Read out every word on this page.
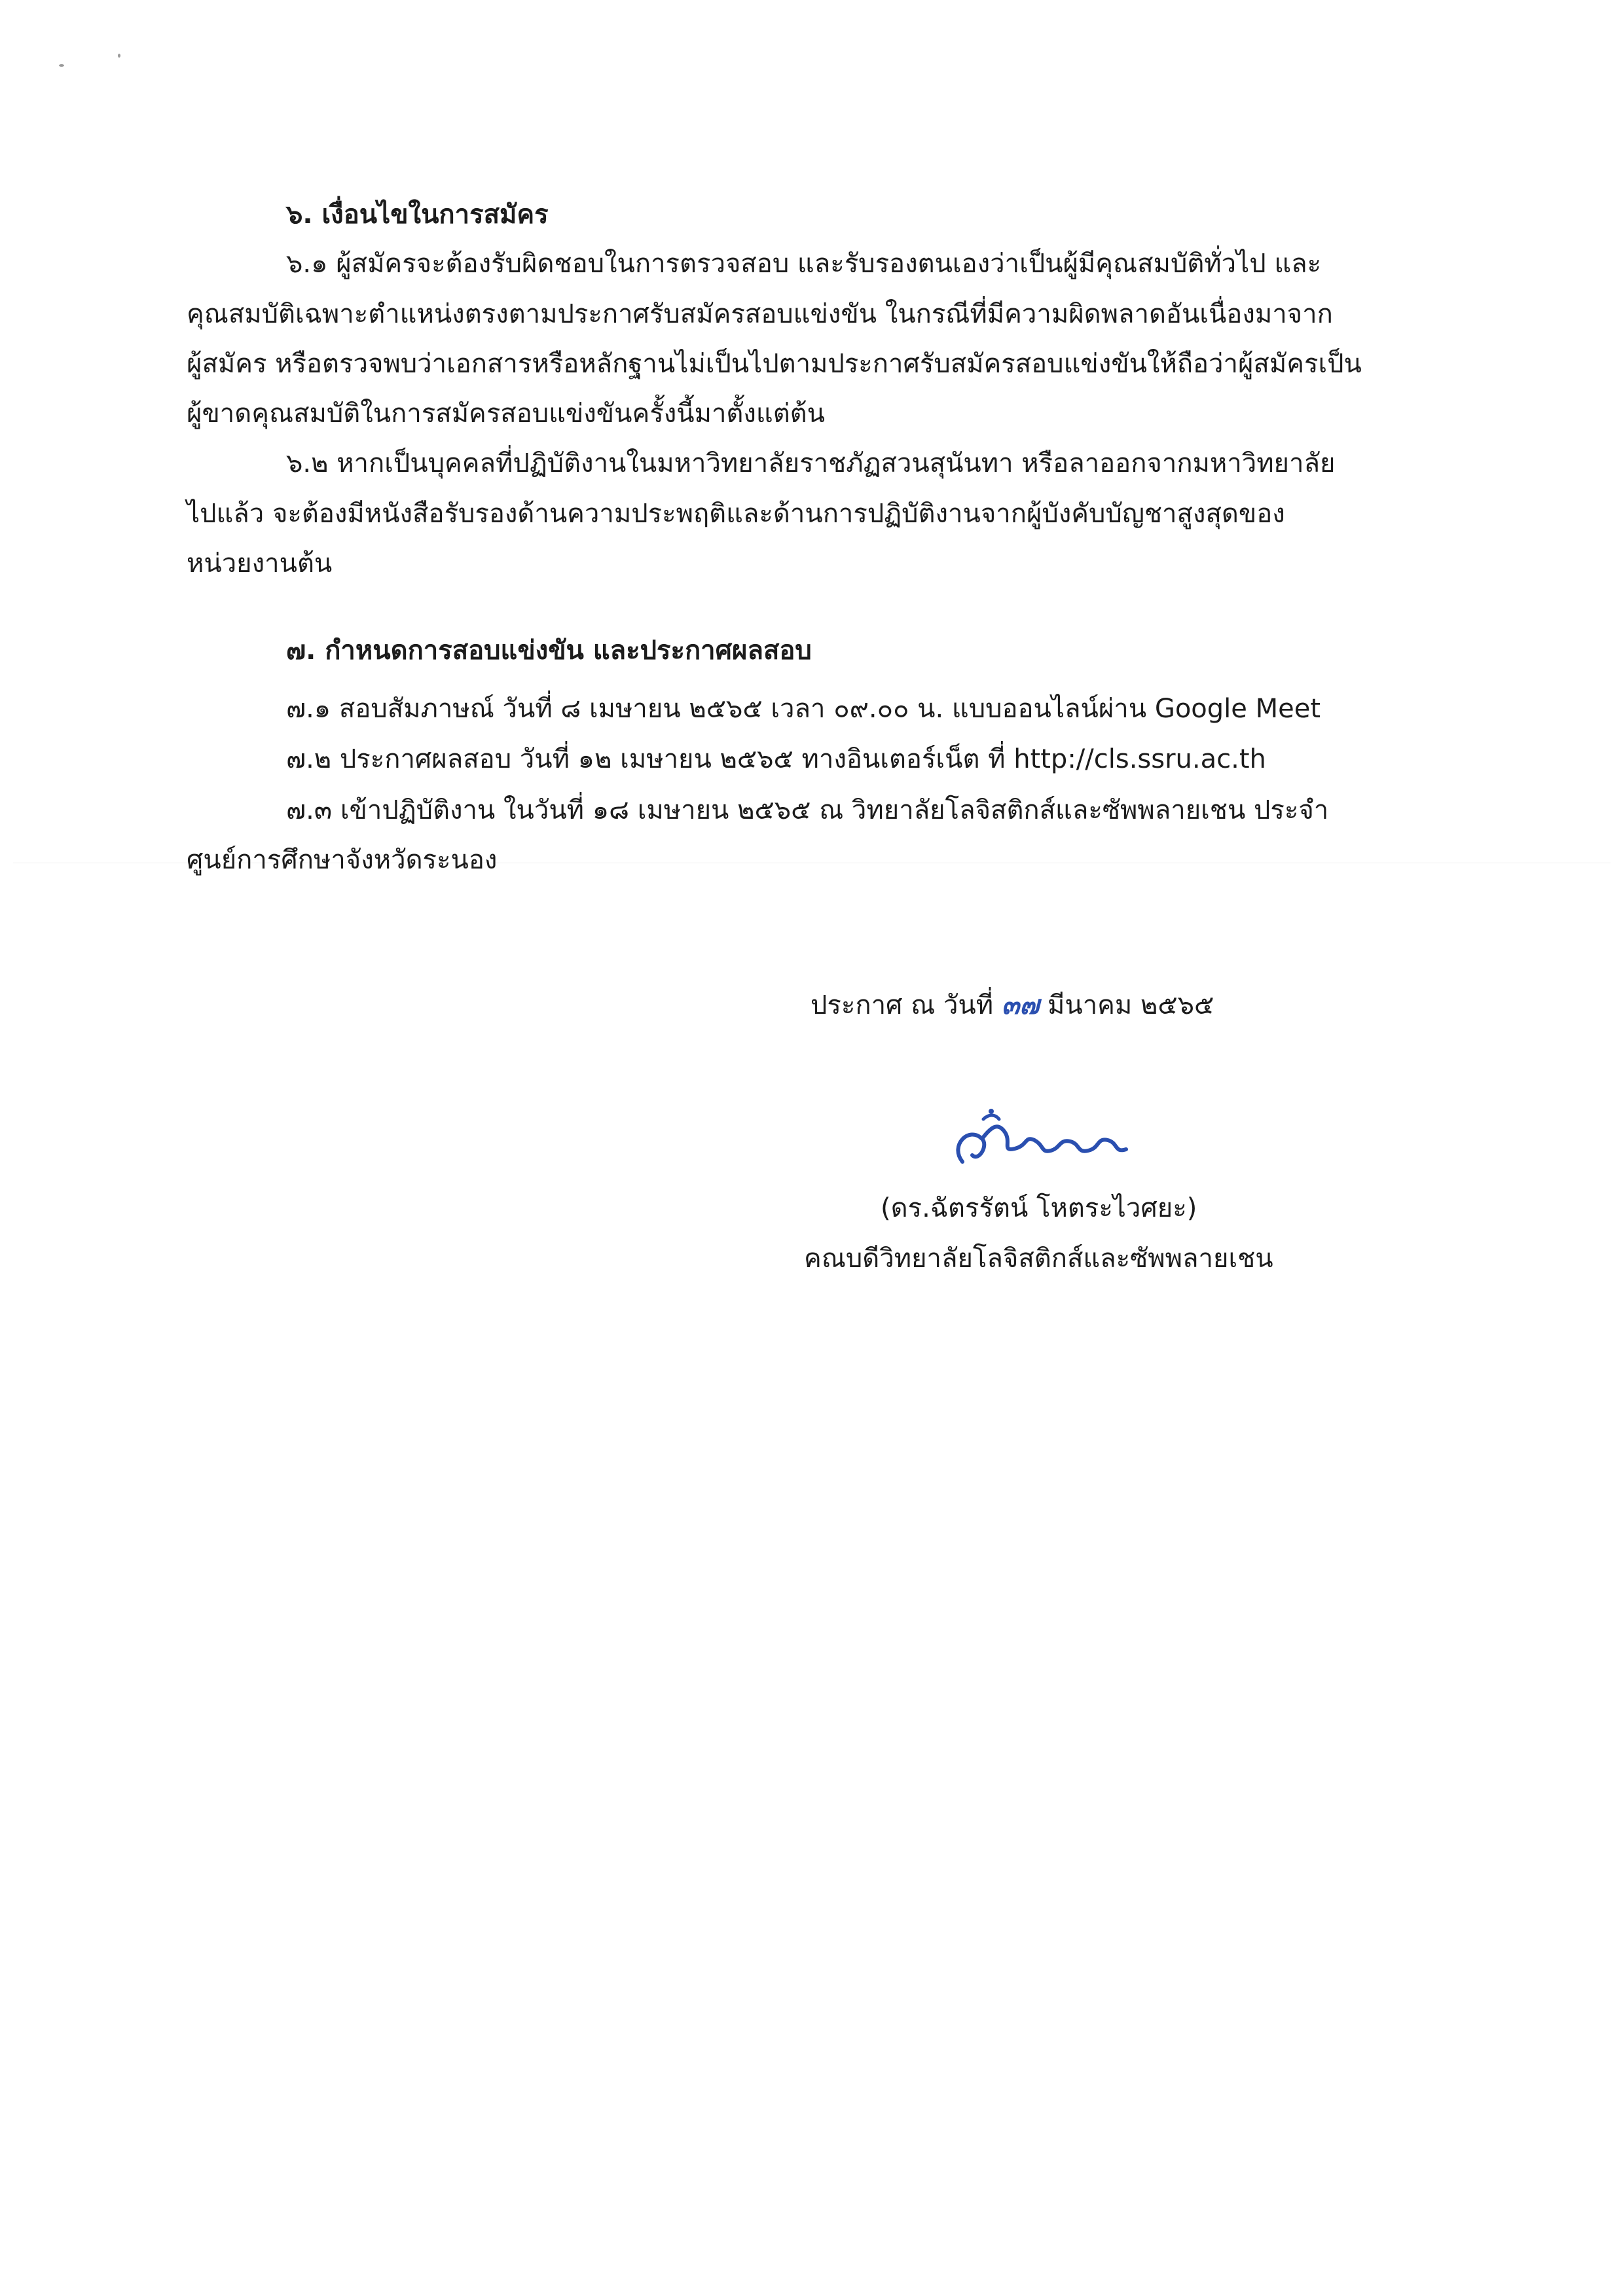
๖. เงื่อนไขในการสมัคร
๖.๑ ผู้สมัครจะต้องรับผิดชอบในการตรวจสอบ และรับรองตนเองว่าเป็นผู้มีคุณสมบัติทั่วไป และ
คุณสมบัติเฉพาะตำแหน่งตรงตามประกาศรับสมัครสอบแข่งขัน ในกรณีที่มีความผิดพลาดอันเนื่องมาจาก
ผู้สมัคร หรือตรวจพบว่าเอกสารหรือหลักฐานไม่เป็นไปตามประกาศรับสมัครสอบแข่งขันให้ถือว่าผู้สมัครเป็น
ผู้ขาดคุณสมบัติในการสมัครสอบแข่งขันครั้งนี้มาตั้งแต่ต้น
๖.๒ หากเป็นบุคคลที่ปฏิบัติงานในมหาวิทยาลัยราชภัฏสวนสุนันทา หรือลาออกจากมหาวิทยาลัย
ไปแล้ว จะต้องมีหนังสือรับรองด้านความประพฤติและด้านการปฏิบัติงานจากผู้บังคับบัญชาสูงสุดของ
หน่วยงานต้น
๗. กำหนดการสอบแข่งขัน และประกาศผลสอบ
๗.๑ สอบสัมภาษณ์ วันที่ ๘ เมษายน ๒๕๖๕ เวลา ๐๙.๐๐ น. แบบออนไลน์ผ่าน Google Meet
๗.๒ ประกาศผลสอบ วันที่ ๑๒ เมษายน ๒๕๖๕ ทางอินเตอร์เน็ต ที่ http://cls.ssru.ac.th
๗.๓ เข้าปฏิบัติงาน ในวันที่ ๑๘ เมษายน ๒๕๖๕ ณ วิทยาลัยโลจิสติกส์และซัพพลายเชน ประจำ
ศูนย์การศึกษาจังหวัดระนอง
ประกาศ ณ วันที่ ๓๗ มีนาคม ๒๕๖๕
(ดร.ฉัตรรัตน์ โหตระไวศยะ)
คณบดีวิทยาลัยโลจิสติกส์และซัพพลายเชน
